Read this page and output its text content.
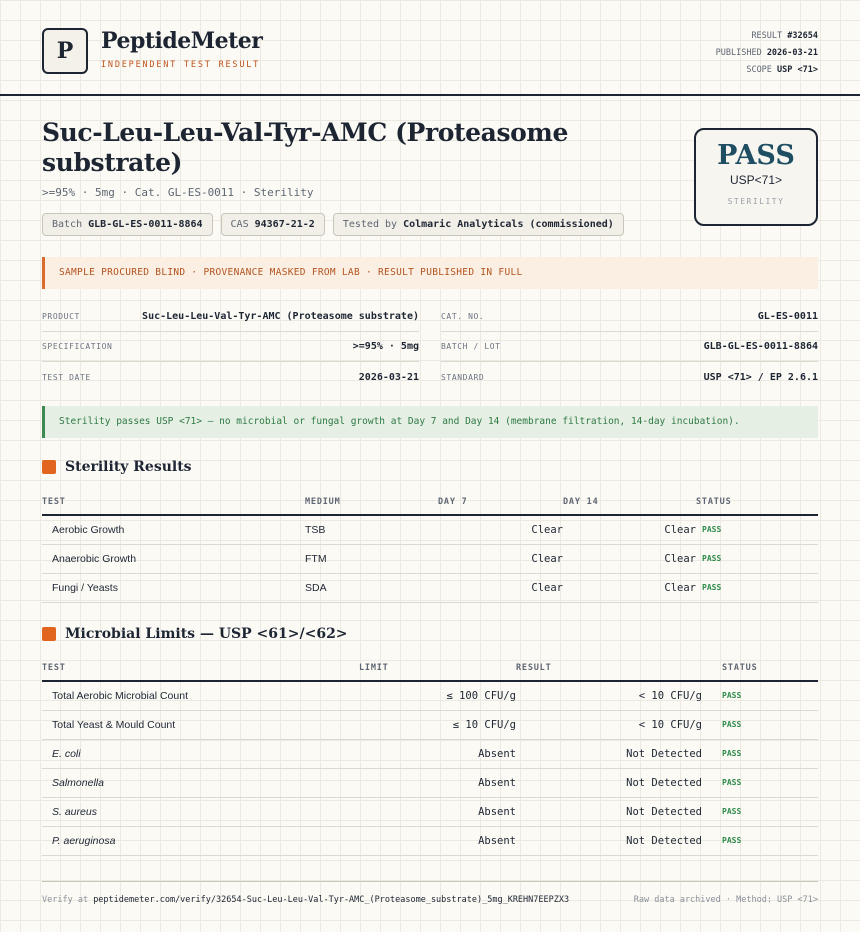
P	PeptideMeter
INDEPENDENT TEST RESULT
RESULT #32654
PUBLISHED 2026-03-21
SCOPE USP <71>
Suc-Leu-Leu-Val-Tyr-AMC (Proteasome substrate)
>=95% · 5mg · Cat. GL-ES-0011 · Sterility
Batch GLB-GL-ES-0011-8864	CAS 94367-21-2	Tested by Colmaric Analyticals (commissioned)
PASS
USP<71>
STERILITY
SAMPLE PROCURED BLIND · PROVENANCE MASKED FROM LAB · RESULT PUBLISHED IN FULL
PRODUCT	Suc-Leu-Leu-Val-Tyr-AMC (Proteasome substrate)
SPECIFICATION	>=95% · 5mg
TEST DATE	2026-03-21
CAT. NO.	GL-ES-0011
BATCH / LOT	GLB-GL-ES-0011-8864
STANDARD	USP <71> / EP 2.6.1
Sterility passes USP <71> — no microbial or fungal growth at Day 7 and Day 14 (membrane filtration, 14-day incubation).
Sterility Results
TEST	MEDIUM	DAY 7	DAY 14	STATUS
Aerobic Growth	TSB	Clear	Clear	PASS
Anaerobic Growth	FTM	Clear	Clear	PASS
Fungi / Yeasts	SDA	Clear	Clear	PASS
Microbial Limits — USP <61>/<62>
TEST	LIMIT	RESULT	STATUS
Total Aerobic Microbial Count	≤ 100 CFU/g	< 10 CFU/g	PASS
Total Yeast & Mould Count	≤ 10 CFU/g	< 10 CFU/g	PASS
E. coli	Absent	Not Detected	PASS
Salmonella	Absent	Not Detected	PASS
S. aureus	Absent	Not Detected	PASS
P. aeruginosa	Absent	Not Detected	PASS
Verify at peptidemeter.com/verify/32654-Suc-Leu-Leu-Val-Tyr-AMC_(Proteasome_substrate)_5mg_KREHN7EEPZX3	Raw data archived · Method: USP <71>
